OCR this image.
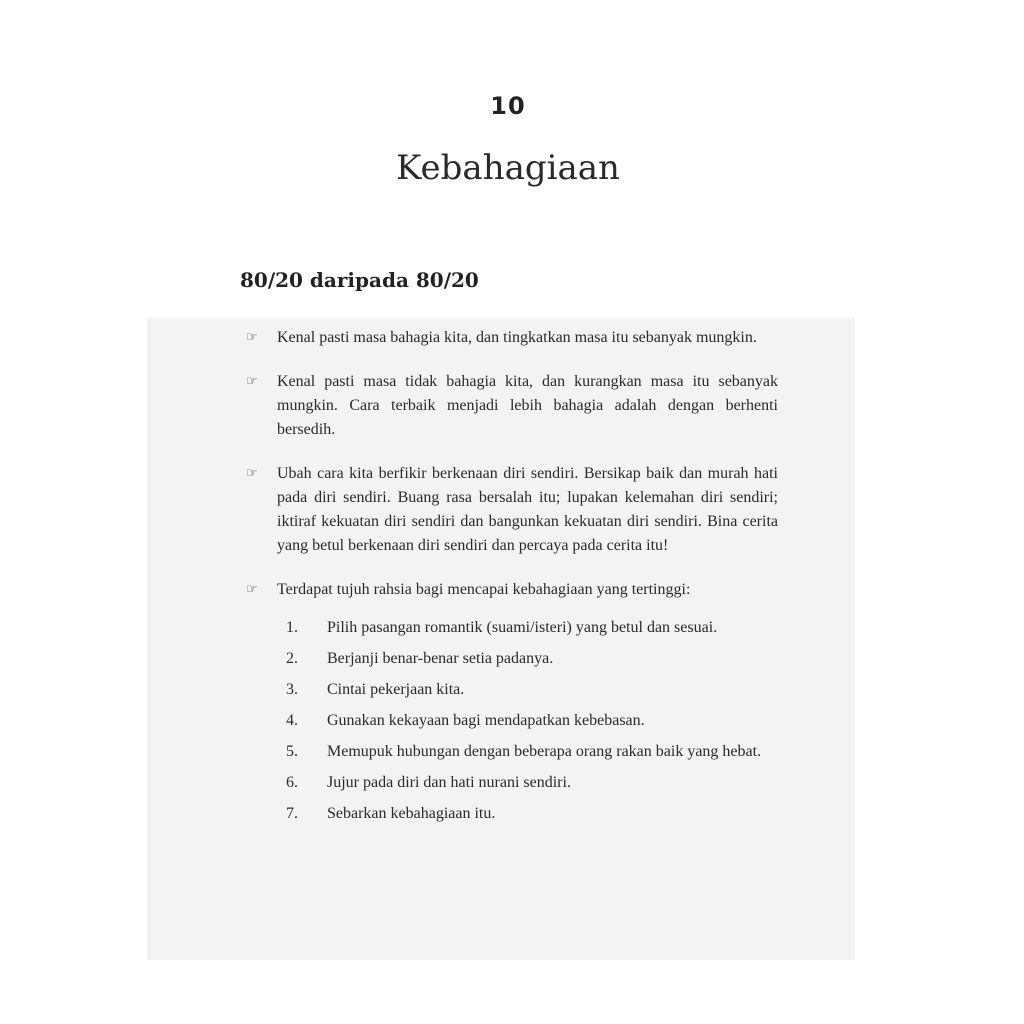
10
Kebahagiaan
80/20 daripada 80/20
☞	Kenal pasti masa bahagia kita, dan tingkatkan masa itu sebanyak mungkin.
☞	Kenal pasti masa tidak bahagia kita, dan kurangkan masa itu sebanyak mungkin. Cara terbaik menjadi lebih bahagia adalah dengan berhenti bersedih.
☞	Ubah cara kita berfikir berkenaan diri sendiri. Bersikap baik dan murah hati pada diri sendiri. Buang rasa bersalah itu; lupakan kelemahan diri sendiri; iktiraf kekuatan diri sendiri dan bangunkan kekuatan diri sendiri. Bina cerita yang betul berkenaan diri sendiri dan percaya pada cerita itu!
☞	Terdapat tujuh rahsia bagi mencapai kebahagiaan yang tertinggi:
1. Pilih pasangan romantik (suami/isteri) yang betul dan sesuai.
2. Berjanji benar-benar setia padanya.
3. Cintai pekerjaan kita.
4. Gunakan kekayaan bagi mendapatkan kebebasan.
5. Memupuk hubungan dengan beberapa orang rakan baik yang hebat.
6. Jujur pada diri dan hati nurani sendiri.
7. Sebarkan kebahagiaan itu.
